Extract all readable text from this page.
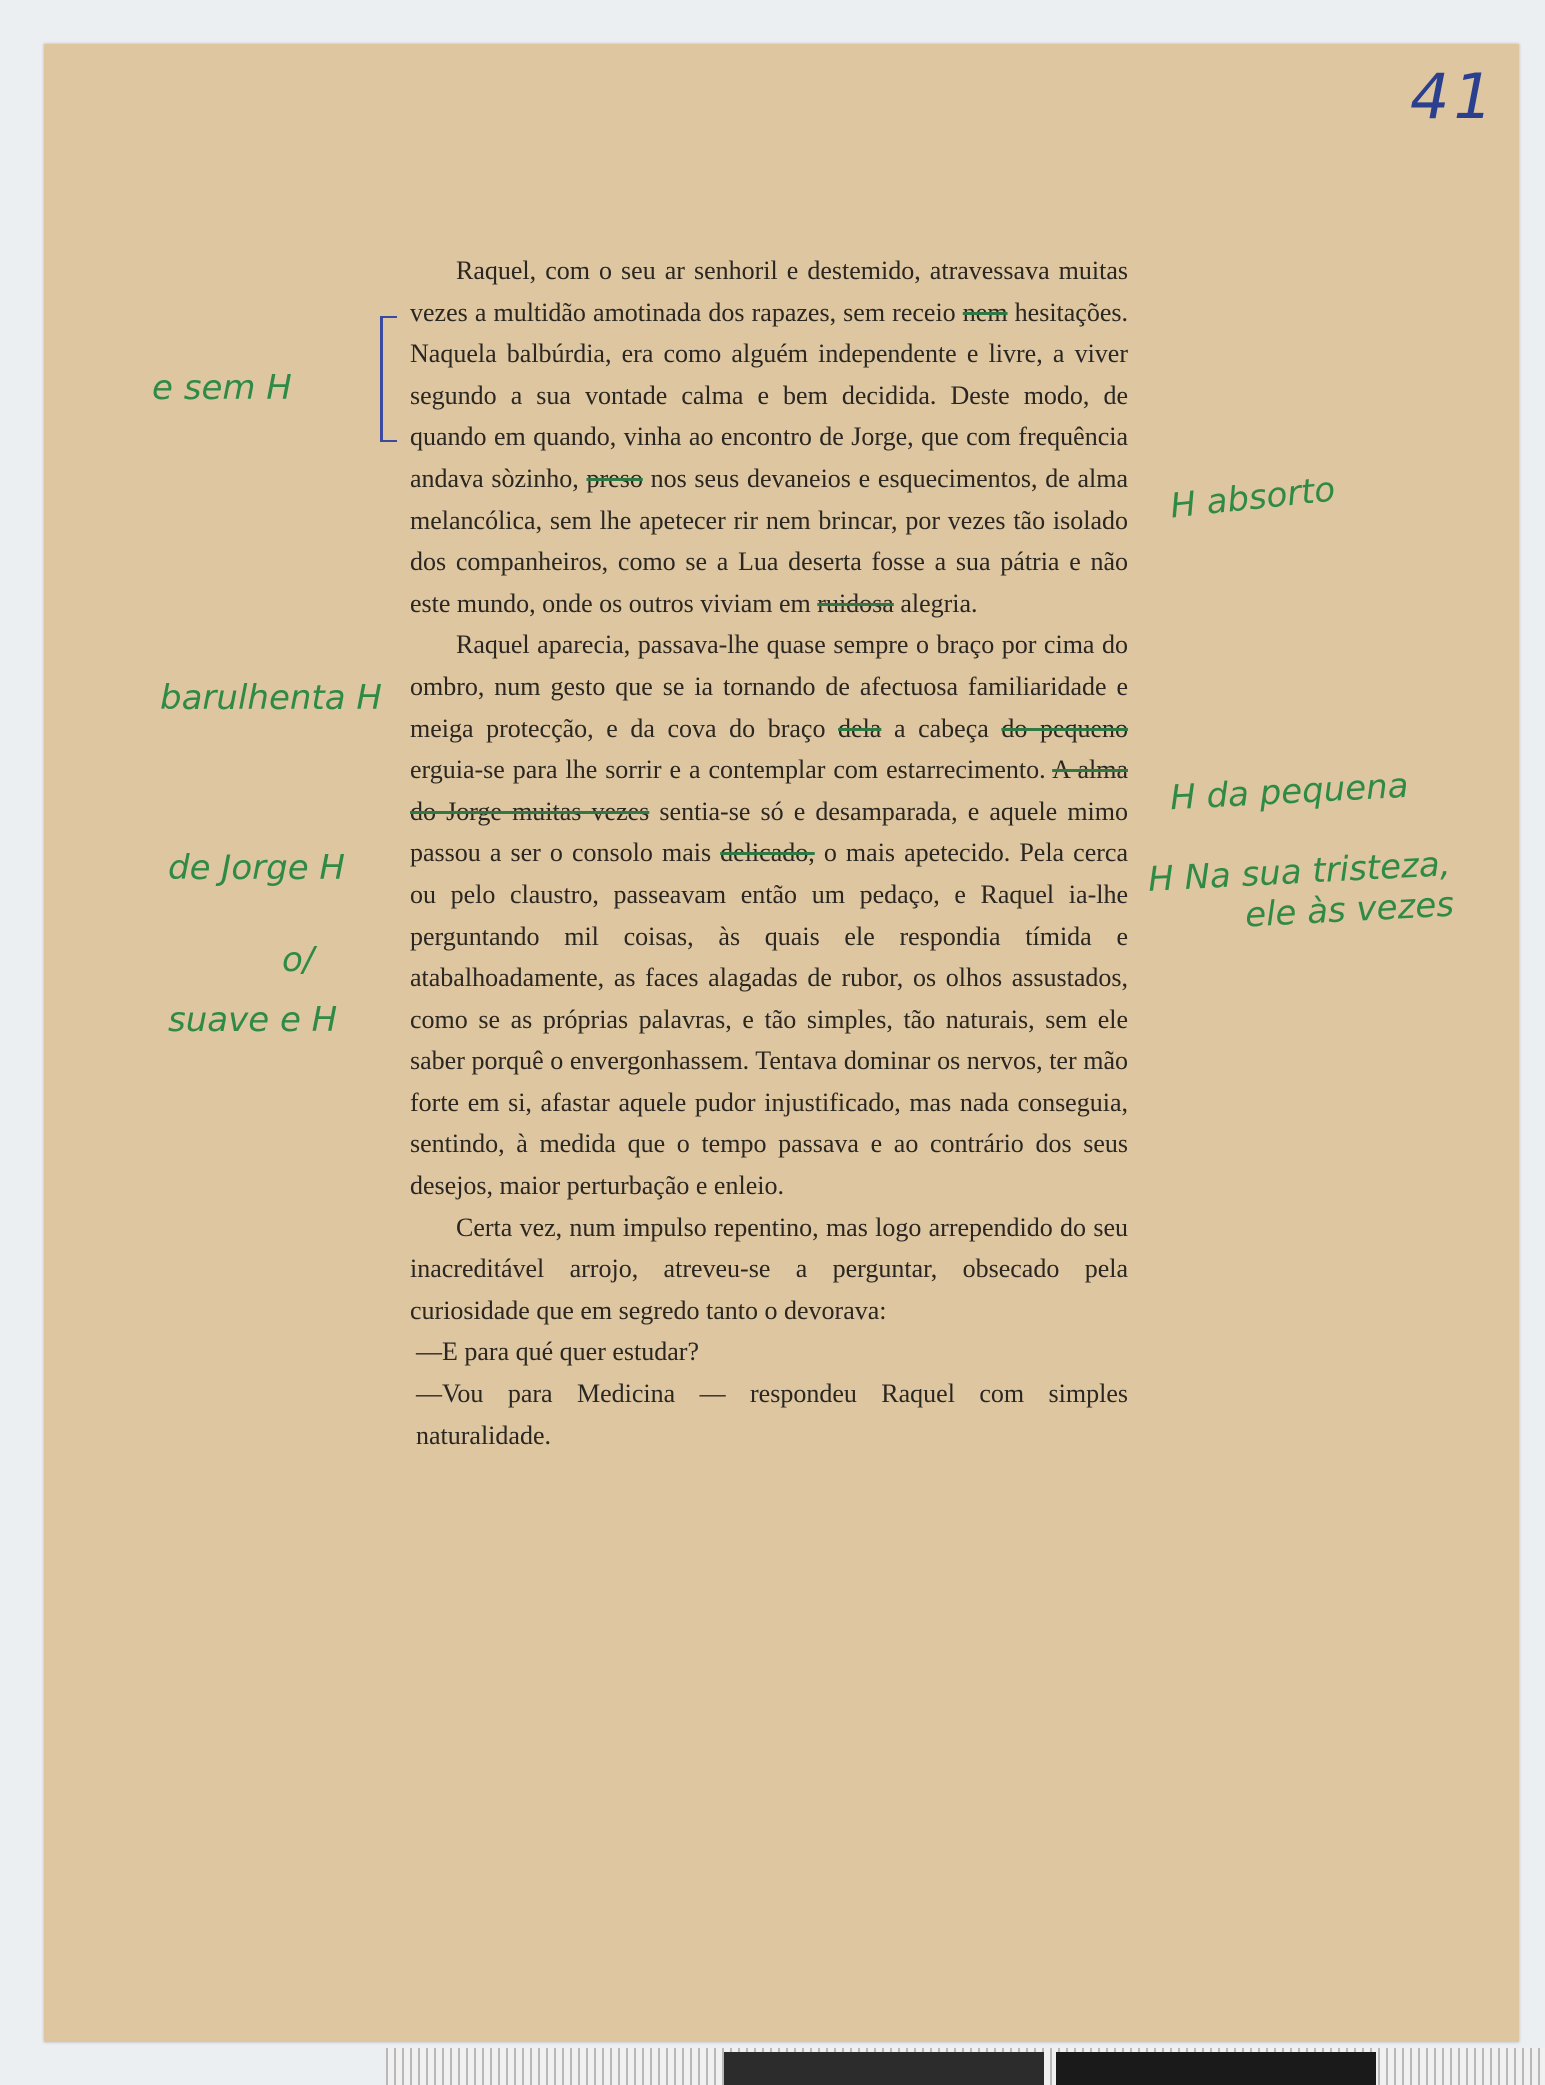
41

Raquel, com o seu ar senhoril e destemido, atravessava muitas vezes a multidão amotinada dos rapazes, sem receio nem hesitações. Naquela balbúrdia, era como alguém independente e livre, a viver segundo a sua vontade calma e bem decidida. Deste modo, de quando em quando, vinha ao encontro de Jorge, que com frequência andava sòzinho, preso nos seus devaneios e esquecimentos, de alma melancólica, sem lhe apetecer rir nem brincar, por vezes tão isolado dos companheiros, como se a Lua deserta fosse a sua pátria e não este mundo, onde os outros viviam em ruidosa alegria.

Raquel aparecia, passava-lhe quase sempre o braço por cima do ombro, num gesto que se ia tornando de afectuosa familiaridade e meiga protecção, e da cova do braço dela a cabeça do pequeno erguia-se para lhe sorrir e a contemplar com estarrecimento. A alma do Jorge muitas vezes sentia-se só e desamparada, e aquele mimo passou a ser o consolo mais delicado, o mais apetecido. Pela cerca ou pelo claustro, passeavam então um pedaço, e Raquel ia-lhe perguntando mil coisas, às quais ele respondia tímida e atabalhoadamente, as faces alagadas de rubor, os olhos assustados, como se as próprias palavras, e tão simples, tão naturais, sem ele saber porquê o envergonhassem. Tentava dominar os nervos, ter mão forte em si, afastar aquele pudor injustificado, mas nada conseguia, sentindo, à medida que o tempo passava e ao contrário dos seus desejos, maior perturbação e enleio.

Certa vez, num impulso repentino, mas logo arrependido do seu inacreditável arrojo, atreveu-se a perguntar, obsecado pela curiosidade que em segredo tanto o devorava:

—E para qué quer estudar?

—Vou para Medicina — respondeu Raquel com simples naturalidade.

e sem H
H absorto
barulhenta H
H da pequena
de Jorge H	H Na sua tristeza,
ele às vezes
o/
suave e H
